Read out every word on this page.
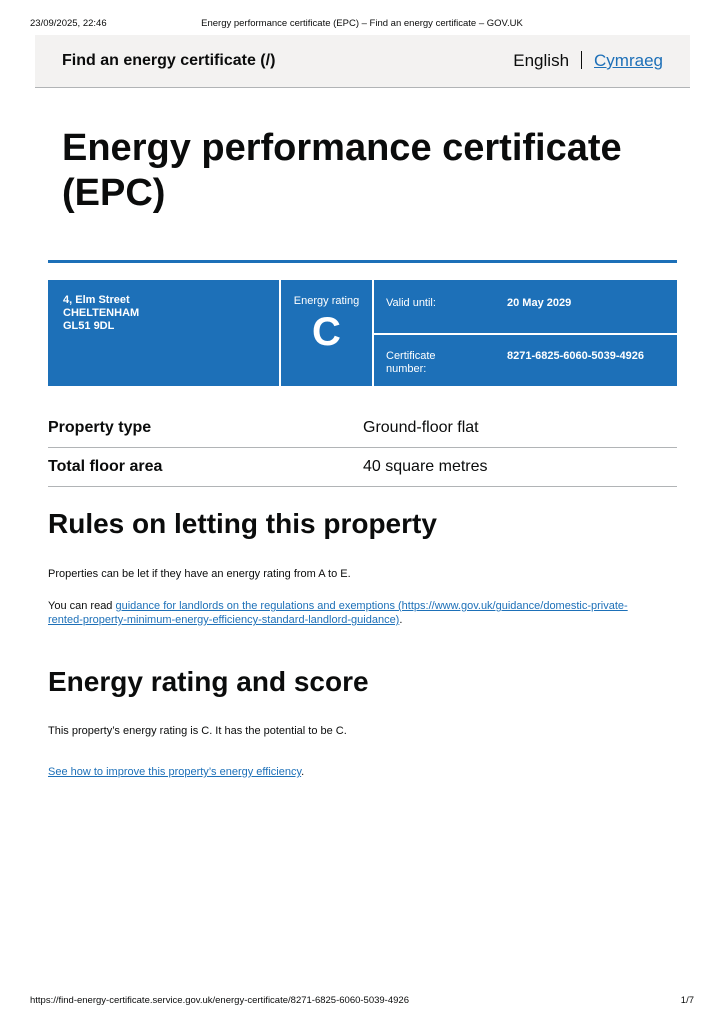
23/09/2025, 22:46	Energy performance certificate (EPC) – Find an energy certificate – GOV.UK
Find an energy certificate (/)	English Cymraeg
Energy performance certificate (EPC)
4, Elm Street
CHELTENHAM
GL51 9DL
Energy rating
C
Valid until:	20 May 2029
Certificate number:
8271-6825-6060-5039-4926
Property type	Ground-floor flat
Total floor area	40 square metres
Rules on letting this property

Properties can be let if they have an energy rating from A to E.

You can read guidance for landlords on the regulations and exemptions (https://www.gov.uk/guidance/domestic-private-rented-property-minimum-energy-efficiency-standard-landlord-guidance).

Energy rating and score

This property’s energy rating is C. It has the potential to be C.

See how to improve this property’s energy efficiency.

https://find-energy-certificate.service.gov.uk/energy-certificate/8271-6825-6060-5039-4926	1/7
